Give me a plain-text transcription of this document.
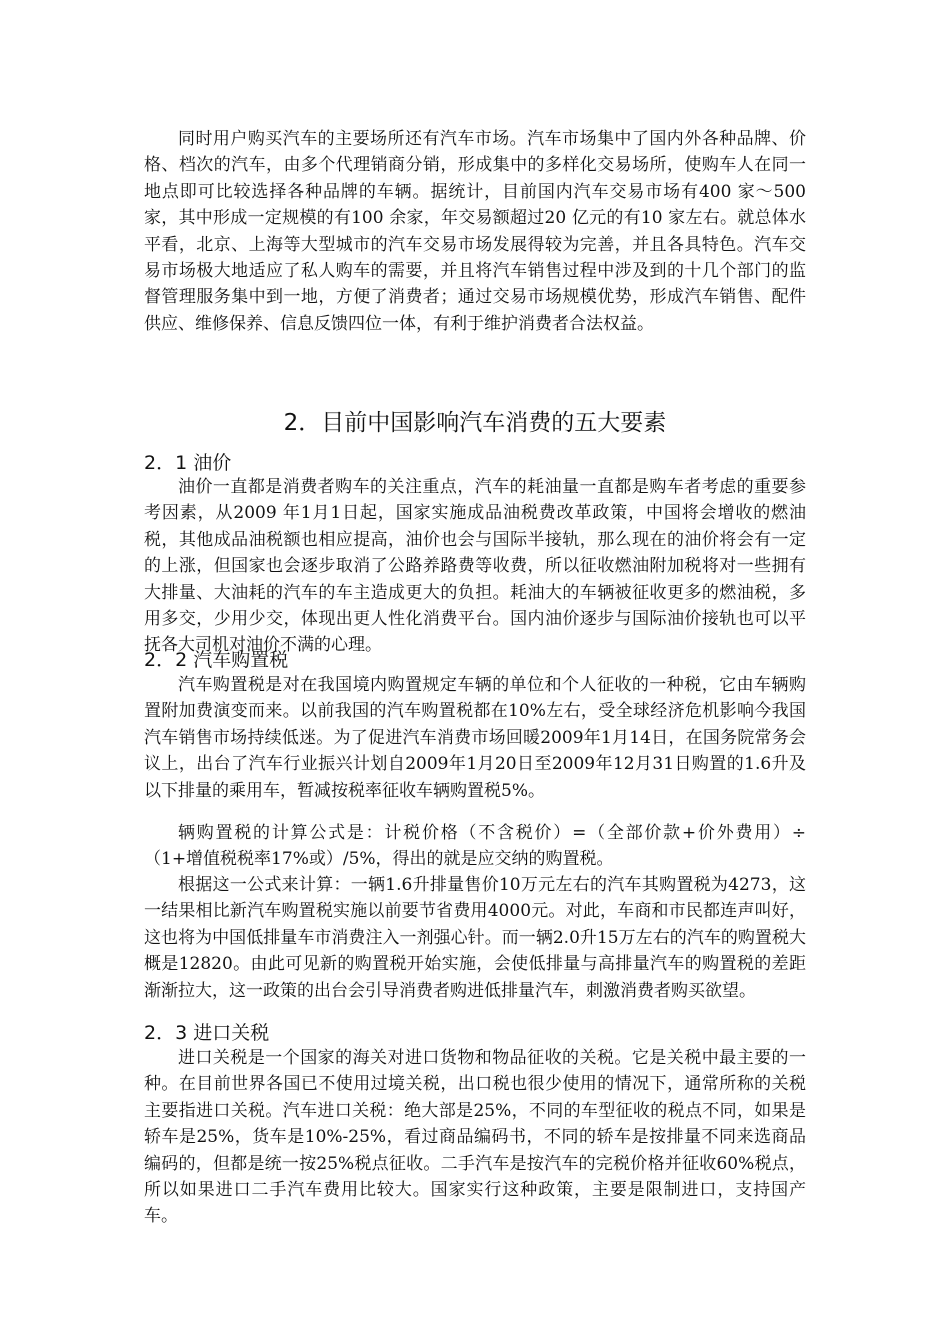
同时用户购买汽车的主要场所还有汽车市场。汽车市场集中了国内外各种品牌、价格、档次的汽车，由多个代理销商分销，形成集中的多样化交易场所，使购车人在同一地点即可比较选择各种品牌的车辆。据统计，目前国内汽车交易市场有400 家～500 家，其中形成一定规模的有100 余家，年交易额超过20 亿元的有10 家左右。就总体水平看，北京、上海等大型城市的汽车交易市场发展得较为完善，并且各具特色。汽车交易市场极大地适应了私人购车的需要，并且将汽车销售过程中涉及到的十几个部门的监督管理服务集中到一地，方便了消费者；通过交易市场规模优势，形成汽车销售、配件供应、维修保养、信息反馈四位一体，有利于维护消费者合法权益。

2．目前中国影响汽车消费的五大要素
2．1 油价

油价一直都是消费者购车的关注重点，汽车的耗油量一直都是购车者考虑的重要参考因素，从2009 年1月1日起，国家实施成品油税费改革政策，中国将会增收的燃油税，其他成品油税额也相应提高，油价也会与国际半接轨，那么现在的油价将会有一定的上涨，但国家也会逐步取消了公路养路费等收费，所以征收燃油附加税将对一些拥有大排量、大油耗的汽车的车主造成更大的负担。耗油大的车辆被征收更多的燃油税，多用多交，少用少交，体现出更人性化消费平台。国内油价逐步与国际油价接轨也可以平抚各大司机对油价不满的心理。

2．2 汽车购置税

汽车购置税是对在我国境内购置规定车辆的单位和个人征收的一种税，它由车辆购置附加费演变而来。以前我国的汽车购置税都在10%左右，受全球经济危机影响今我国汽车销售市场持续低迷。为了促进汽车消费市场回暖2009年1月14日，在国务院常务会议上，出台了汽车行业振兴计划自2009年1月20日至2009年12月31日购置的1.6升及以下排量的乘用车，暂减按税率征收车辆购置税5%。

辆购置税的计算公式是：计税价格（不含税价）=（全部价款+价外费用）÷（1+增值税税率17%或）/5%，得出的就是应交纳的购置税。

根据这一公式来计算：一辆1.6升排量售价10万元左右的汽车其购置税为4273，这一结果相比新汽车购置税实施以前要节省费用4000元。对此，车商和市民都连声叫好，这也将为中国低排量车市消费注入一剂强心针。而一辆2.0升15万左右的汽车的购置税大概是12820。由此可见新的购置税开始实施，会使低排量与高排量汽车的购置税的差距渐渐拉大，这一政策的出台会引导消费者购进低排量汽车，刺激消费者购买欲望。

2．3 进口关税

进口关税是一个国家的海关对进口货物和物品征收的关税。它是关税中最主要的一种。在目前世界各国已不使用过境关税，出口税也很少使用的情况下，通常所称的关税主要指进口关税。汽车进口关税：绝大部是25%，不同的车型征收的税点不同，如果是轿车是25%，货车是10%-25%，看过商品编码书，不同的轿车是按排量不同来选商品编码的，但都是统一按25%税点征收。二手汽车是按汽车的完税价格并征收60%税点，所以如果进口二手汽车费用比较大。国家实行这种政策，主要是限制进口，支持国产车。
